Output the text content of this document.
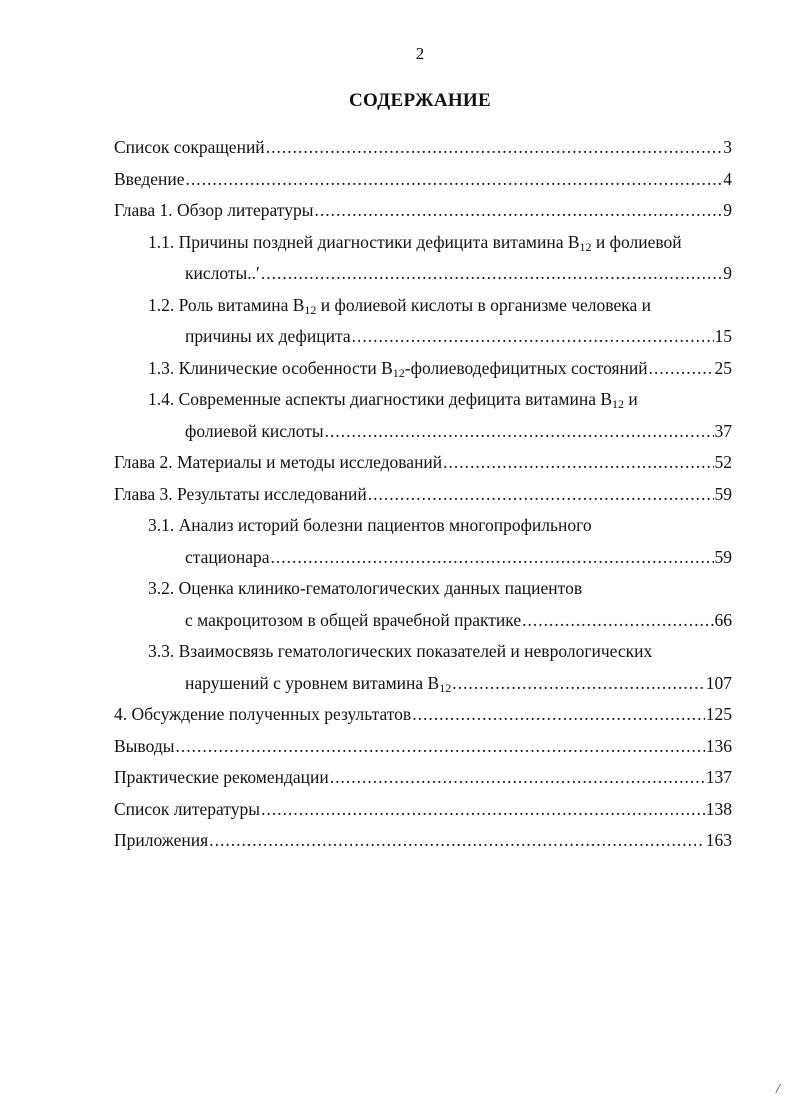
2
СОДЕРЖАНИЕ
Список сокращений .....	3
Введение .....	4
Глава 1. Обзор литературы .....	9
1.1. Причины поздней диагностики дефицита витамина $B_{12}$ и фолиевой
кислоты.. ′ .....	9
1.2. Роль витамина $B_{12}$ и фолиевой кислоты в организме человека и
причины их дефицита .....	15
1.3. Клинические особенности $B_{12}$-фолиеводефицитных состояний .....	25
1.4. Современные аспекты диагностики дефицита витамина $B_{12}$ и
фолиевой кислоты .....	37
Глава 2. Материалы и методы исследований .....	52
Глава 3. Результаты исследований .....	59
3.1. Анализ историй болезни пациентов многопрофильного
стационара .....	59
3.2. Оценка клинико-гематологических данных пациентов
с макроцитозом в общей врачебной практике .....	66
3.3. Взаимосвязь гематологических показателей и неврологических
нарушений с уровнем витамина $B_{12}$ .....	107
4. Обсуждение полученных результатов .....	125
Выводы .....	136
Практические рекомендации .....	137
Список литературы .....	138
Приложения .....	163
/
